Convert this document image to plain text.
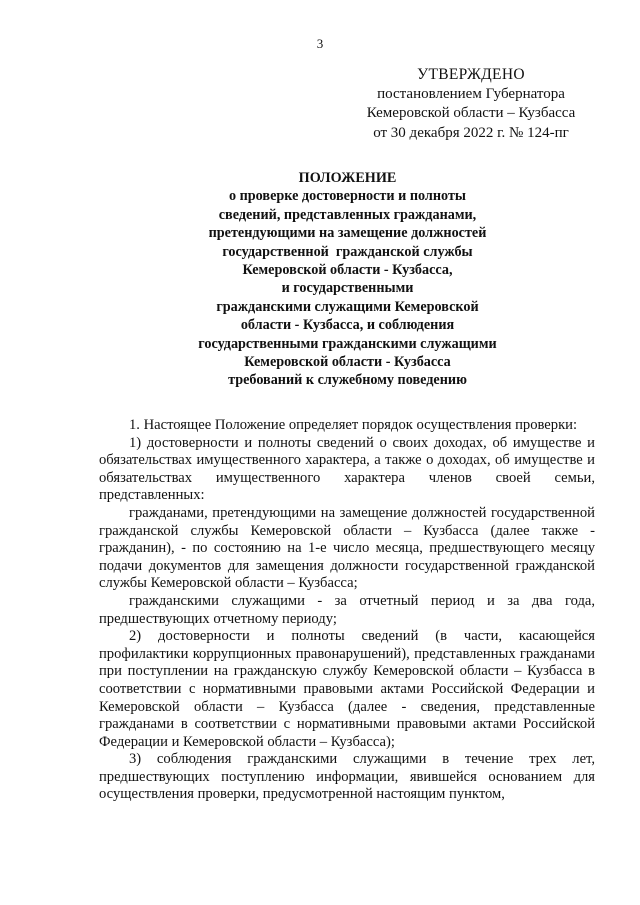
3
УТВЕРЖДЕНО
постановлением Губернатора
Кемеровской области – Кузбасса
от 30 декабря 2022 г. № 124-пг
ПОЛОЖЕНИЕ
о проверке достоверности и полноты
сведений, представленных гражданами,
претендующими на замещение должностей
государственной  гражданской службы
Кемеровской области - Кузбасса,
и государственными
гражданскими служащими Кемеровской
области - Кузбасса, и соблюдения
государственными гражданскими служащими
Кемеровской области - Кузбасса
требований к служебному поведению

1. Настоящее Положение определяет порядок осуществления проверки:

1) достоверности и полноты сведений о своих доходах, об имуществе и обязательствах имущественного характера, а также о доходах, об имуществе и обязательствах имущественного характера членов своей семьи, представленных:

гражданами, претендующими на замещение должностей государственной гражданской службы Кемеровской области – Кузбасса (далее также - гражданин), - по состоянию на 1-е число месяца, предшествующего месяцу подачи документов для замещения должности государственной гражданской службы Кемеровской области – Кузбасса;

гражданскими служащими - за отчетный период и за два года, предшествующих отчетному периоду;

2) достоверности и полноты сведений (в части, касающейся профилактики коррупционных правонарушений), представленных гражданами при поступлении на гражданскую службу Кемеровской области – Кузбасса в соответствии с нормативными правовыми актами Российской Федерации и Кемеровской области – Кузбасса (далее - сведения, представленные гражданами в соответствии с нормативными правовыми актами Российской Федерации и Кемеровской области – Кузбасса);

3) соблюдения гражданскими служащими в течение трех лет, предшествующих поступлению информации, явившейся основанием для осуществления проверки, предусмотренной настоящим пунктом,
